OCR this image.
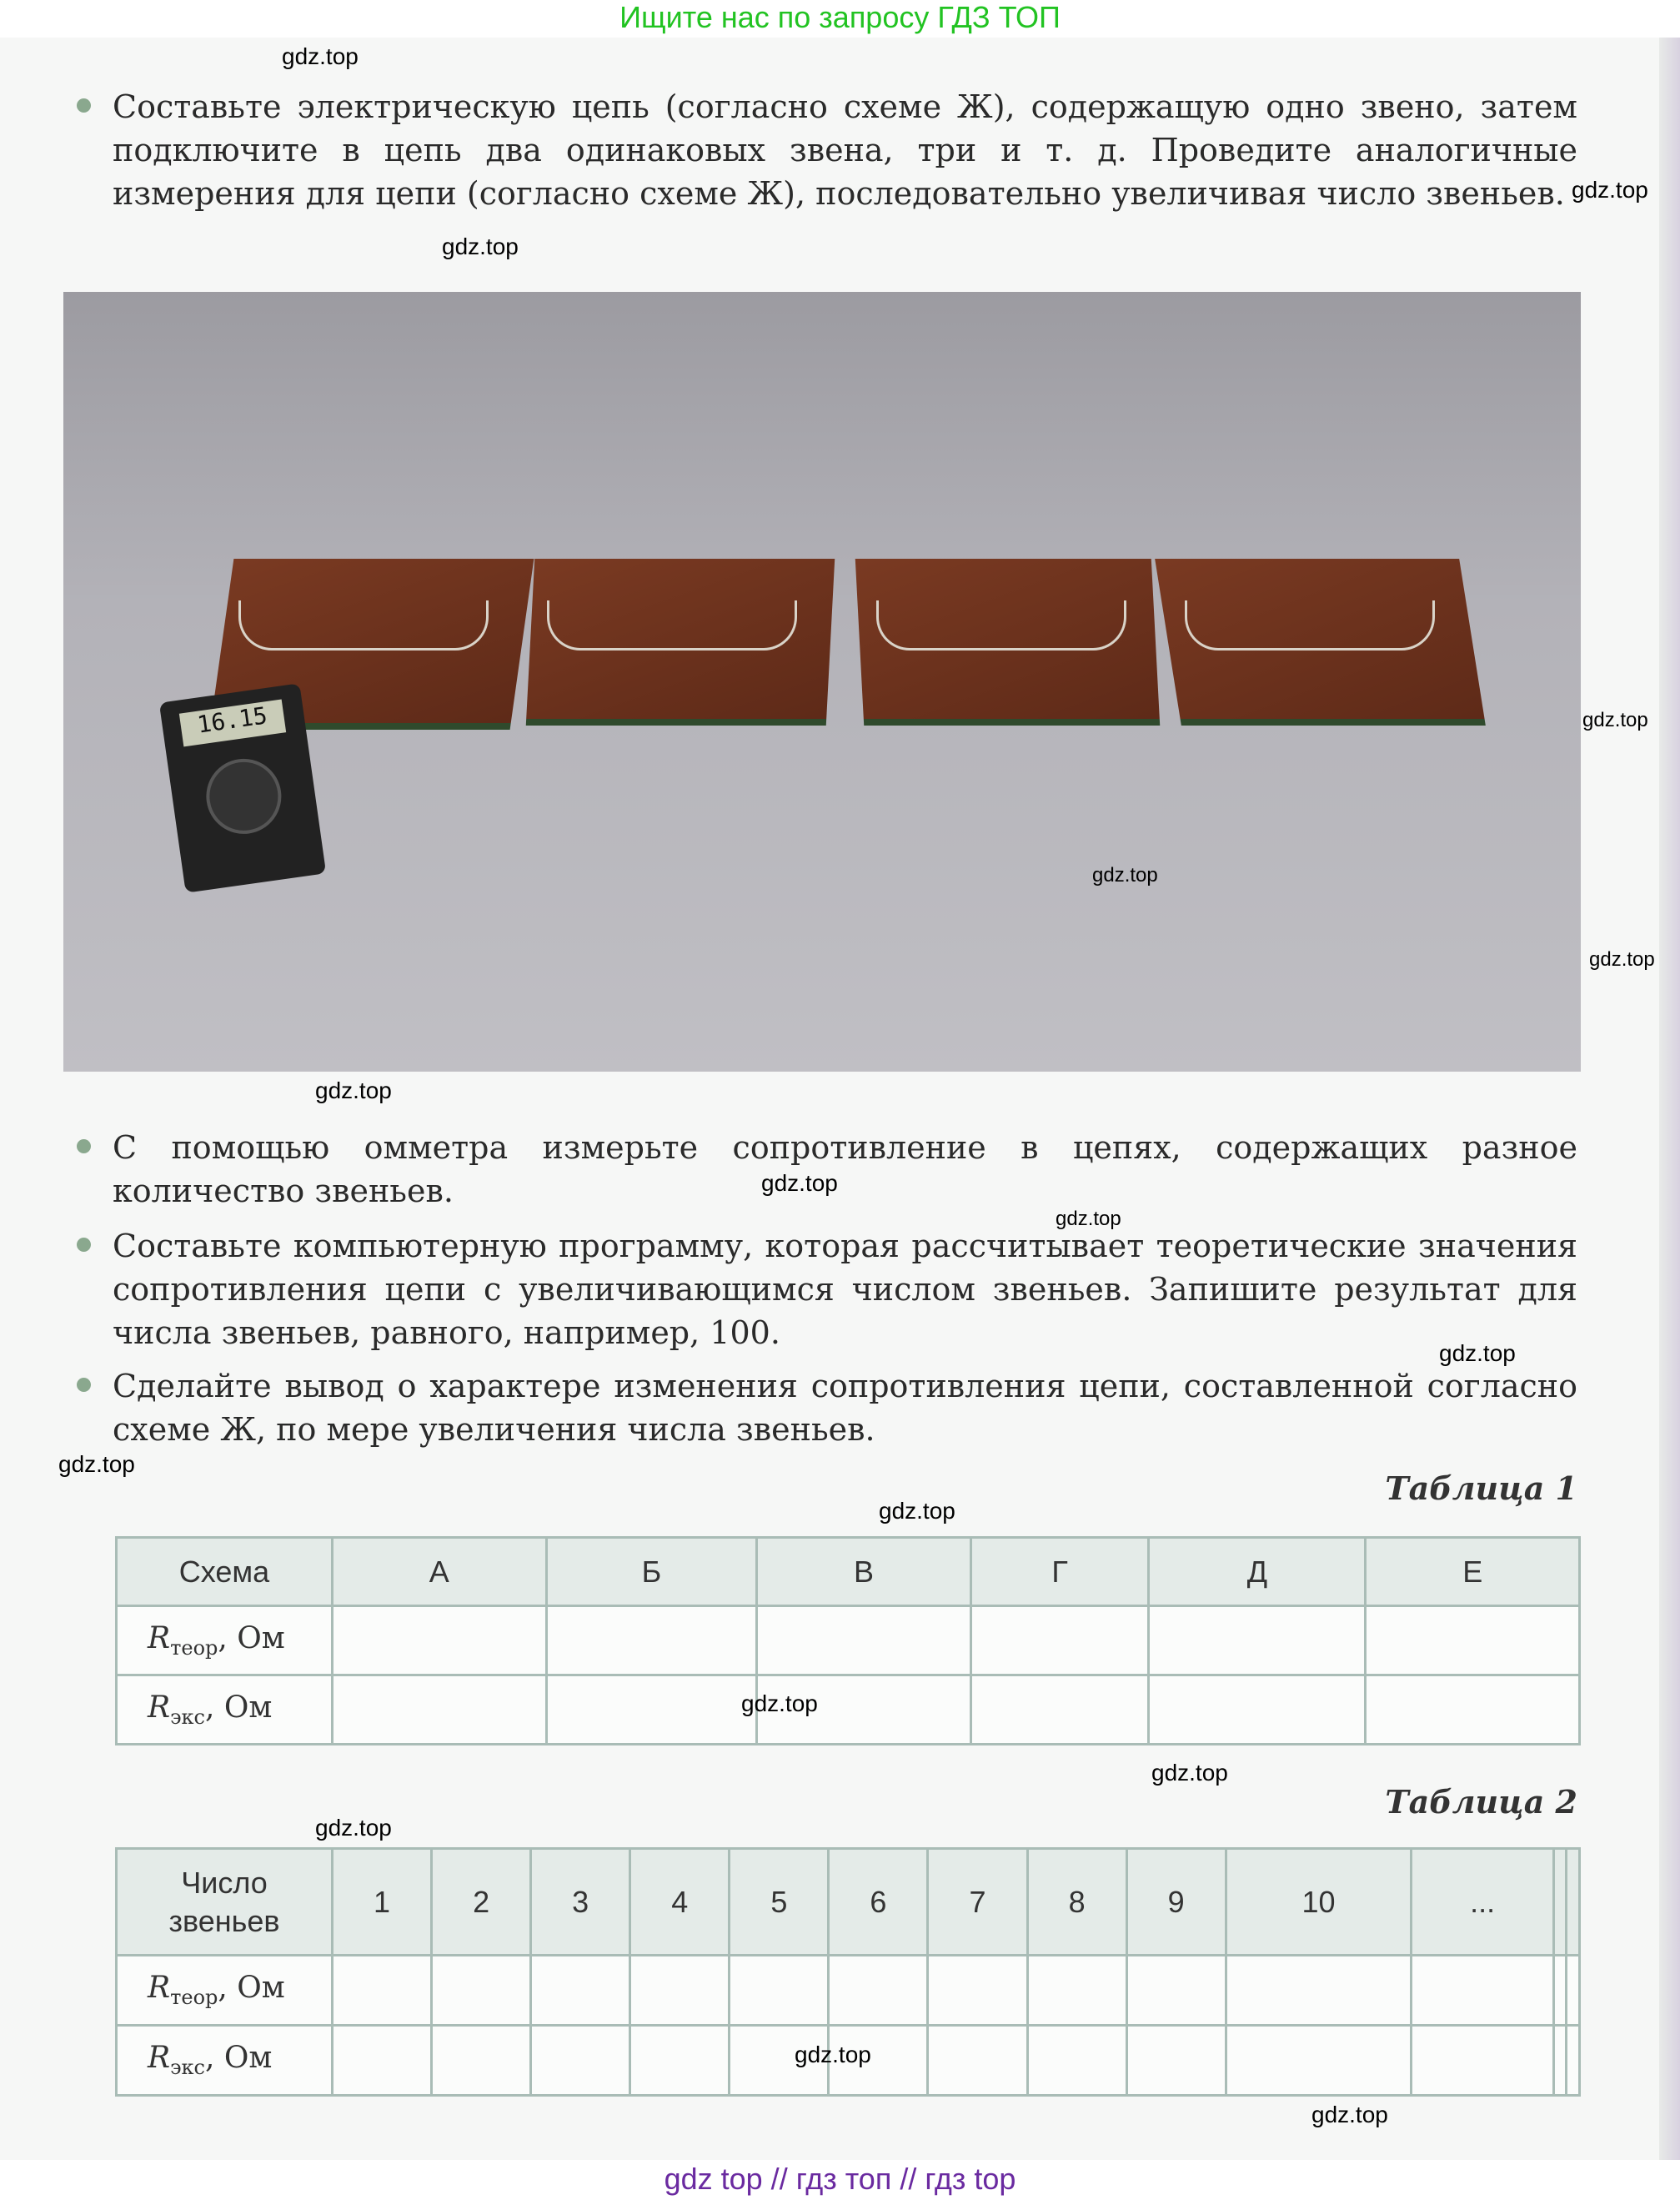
Ищите нас по запросу ГДЗ ТОП

Составьте электрическую цепь (согласно схеме Ж), содержащую одно звено, затем подключите в цепь два одинаковых звена, три и т. д. Проведите аналогичные измерения для цепи (согласно схеме Ж), последовательно увеличивая число звеньев.

16.15

С помощью омметра измерьте сопротивление в цепях, содержащих разное количество звеньев.

Составьте компьютерную программу, которая рассчитывает теоретические значения сопротивления цепи с увеличивающимся числом звеньев. Запишите результат для числа звеньев, равного, например, 100.

Сделайте вывод о характере изменения сопротивления цепи, составленной согласно схеме Ж, по мере увеличения числа звеньев.

Таблица 1
Схема	А	Б	В	Г	Д	Е
$R_{теор}$, Ом						
$R_{экс}$, Ом						
Таблица 2
Число
звеньев	1	2	3	4	5	6	7	8	9	10	...		
$R_{теор}$, Ом													
$R_{экс}$, Ом													
gdz.top
gdz.top
gdz.top
gdz.top
gdz.top
gdz.top
gdz.top
gdz.top
gdz.top
gdz.top
gdz.top
gdz.top
gdz.top
gdz.top
gdz.top
gdz.top
gdz.top
gdz top // гдз топ // гдз top
